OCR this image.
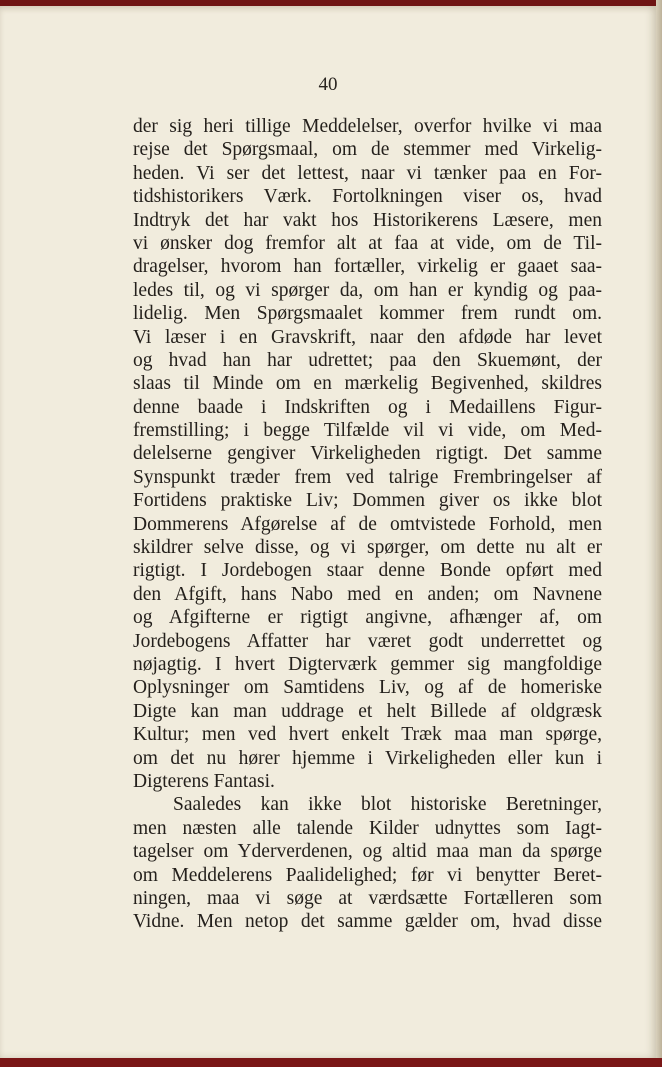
40
der sig heri tillige Meddelelser, overfor hvilke vi maa
rejse det Spørgsmaal, om de stemmer med Virkelig-
heden. Vi ser det lettest, naar vi tænker paa en For-
tidshistorikers Værk. Fortolkningen viser os, hvad
Indtryk det har vakt hos Historikerens Læsere, men
vi ønsker dog fremfor alt at faa at vide, om de Til-
dragelser, hvorom han fortæller, virkelig er gaaet saa-
ledes til, og vi spørger da, om han er kyndig og paa-
lidelig. Men Spørgsmaalet kommer frem rundt om.
Vi læser i en Gravskrift, naar den afdøde har levet
og hvad han har udrettet; paa den Skuemønt, der
slaas til Minde om en mærkelig Begivenhed, skildres
denne baade i Indskriften og i Medaillens Figur-
fremstilling; i begge Tilfælde vil vi vide, om Med-
delelserne gengiver Virkeligheden rigtigt. Det samme
Synspunkt træder frem ved talrige Frembringelser af
Fortidens praktiske Liv; Dommen giver os ikke blot
Dommerens Afgørelse af de omtvistede Forhold, men
skildrer selve disse, og vi spørger, om dette nu alt er
rigtigt. I Jordebogen staar denne Bonde opført med
den Afgift, hans Nabo med en anden; om Navnene
og Afgifterne er rigtigt angivne, afhænger af, om
Jordebogens Affatter har været godt underrettet og
nøjagtig. I hvert Digterværk gemmer sig mangfoldige
Oplysninger om Samtidens Liv, og af de homeriske
Digte kan man uddrage et helt Billede af oldgræsk
Kultur; men ved hvert enkelt Træk maa man spørge,
om det nu hører hjemme i Virkeligheden eller kun i
Digterens Fantasi.
Saaledes kan ikke blot historiske Beretninger,
men næsten alle talende Kilder udnyttes som Iagt-
tagelser om Yderverdenen, og altid maa man da spørge
om Meddelerens Paalidelighed; før vi benytter Beret-
ningen, maa vi søge at værdsætte Fortælleren som
Vidne. Men netop det samme gælder om, hvad disse
